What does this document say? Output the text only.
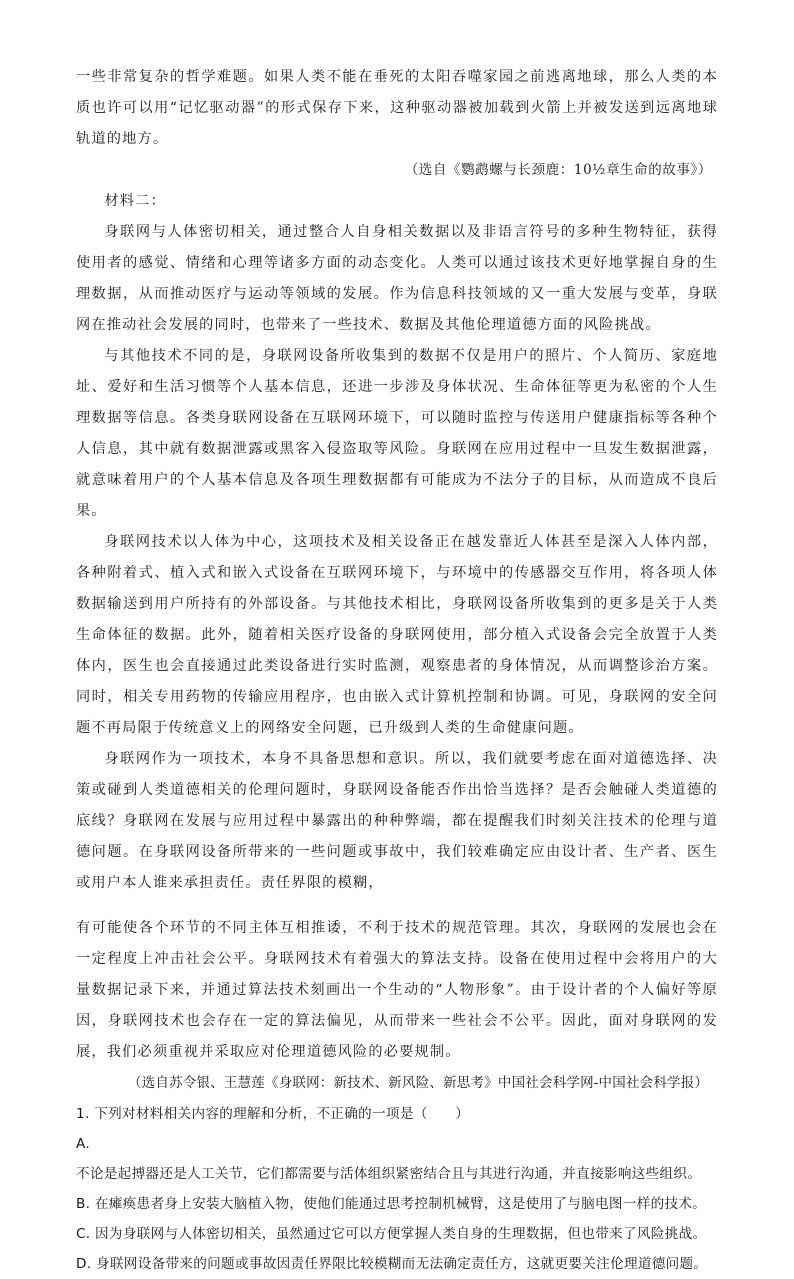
一些非常复杂的哲学难题。如果人类不能在垂死的太阳吞噬家园之前逃离地球，那么人类的本质也许可以用“记忆驱动器”的形式保存下来，这种驱动器被加载到火箭上并被发送到远离地球轨道的地方。

（选自《鹦鹉螺与长颈鹿：10½章生命的故事》）

材料二：

身联网与人体密切相关，通过整合人自身相关数据以及非语言符号的多种生物特征，获得使用者的感觉、情绪和心理等诸多方面的动态变化。人类可以通过该技术更好地掌握自身的生理数据，从而推动医疗与运动等领域的发展。作为信息科技领域的又一重大发展与变革，身联网在推动社会发展的同时，也带来了一些技术、数据及其他伦理道德方面的风险挑战。

与其他技术不同的是，身联网设备所收集到的数据不仅是用户的照片、个人简历、家庭地址、爱好和生活习惯等个人基本信息，还进一步涉及身体状况、生命体征等更为私密的个人生理数据等信息。各类身联网设备在互联网环境下，可以随时监控与传送用户健康指标等各种个人信息，其中就有数据泄露或黑客入侵盗取等风险。身联网在应用过程中一旦发生数据泄露，就意味着用户的个人基本信息及各项生理数据都有可能成为不法分子的目标，从而造成不良后果。

身联网技术以人体为中心，这项技术及相关设备正在越发靠近人体甚至是深入人体内部，各种附着式、植入式和嵌入式设备在互联网环境下，与环境中的传感器交互作用，将各项人体数据输送到用户所持有的外部设备。与其他技术相比，身联网设备所收集到的更多是关于人类生命体征的数据。此外，随着相关医疗设备的身联网使用，部分植入式设备会完全放置于人类体内，医生也会直接通过此类设备进行实时监测，观察患者的身体情况，从而调整诊治方案。同时，相关专用药物的传输应用程序，也由嵌入式计算机控制和协调。可见，身联网的安全问题不再局限于传统意义上的网络安全问题，已升级到人类的生命健康问题。

身联网作为一项技术，本身不具备思想和意识。所以，我们就要考虑在面对道德选择、决策或碰到人类道德相关的伦理问题时，身联网设备能否作出恰当选择？是否会触碰人类道德的底线？身联网在发展与应用过程中暴露出的种种弊端，都在提醒我们时刻关注技术的伦理与道德问题。在身联网设备所带来的一些问题或事故中，我们较难确定应由设计者、生产者、医生或用户本人谁来承担责任。责任界限的模糊，

有可能使各个环节的不同主体互相推诿，不利于技术的规范管理。其次，身联网的发展也会在一定程度上冲击社会公平。身联网技术有着强大的算法支持。设备在使用过程中会将用户的大量数据记录下来，并通过算法技术刻画出一个生动的“人物形象”。由于设计者的个人偏好等原因，身联网技术也会存在一定的算法偏见，从而带来一些社会不公平。因此，面对身联网的发展，我们必须重视并采取应对伦理道德风险的必要规制。

（选自苏令银、王慧莲《身联网：新技术、新风险、新思考》中国社会科学网-中国社会科学报）

1. 下列对材料相关内容的理解和分析，不正确的一项是（　　）

A.

不论是起搏器还是人工关节，它们都需要与活体组织紧密结合且与其进行沟通，并直接影响这些组织。

B. 在瘫痪患者身上安装大脑植入物，使他们能通过思考控制机械臂，这是使用了与脑电图一样的技术。

C. 因为身联网与人体密切相关，虽然通过它可以方便掌握人类自身的生理数据，但也带来了风险挑战。

D. 身联网设备带来的问题或事故因责任界限比较模糊而无法确定责任方，这就更要关注伦理道德问题。
